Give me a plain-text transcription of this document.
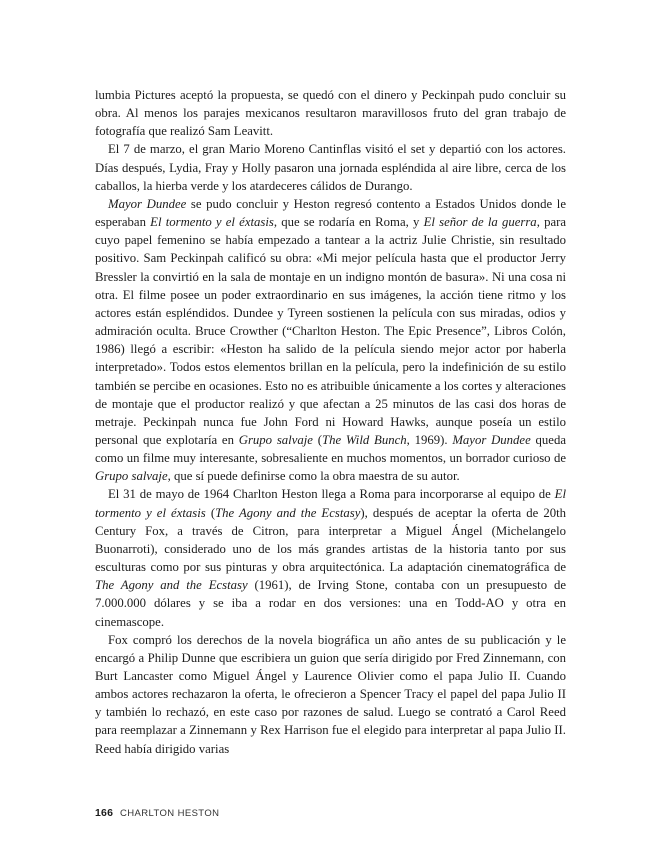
lumbia Pictures aceptó la propuesta, se quedó con el dinero y Peckinpah pudo concluir su obra. Al menos los parajes mexicanos resultaron maravillosos fruto del gran trabajo de fotografía que realizó Sam Leavitt.

El 7 de marzo, el gran Mario Moreno Cantinflas visitó el set y departió con los actores. Días después, Lydia, Fray y Holly pasaron una jornada espléndida al aire libre, cerca de los caballos, la hierba verde y los atardeceres cálidos de Durango.

Mayor Dundee se pudo concluir y Heston regresó contento a Estados Unidos donde le esperaban El tormento y el éxtasis, que se rodaría en Roma, y El señor de la guerra, para cuyo papel femenino se había empezado a tantear a la actriz Julie Christie, sin resultado positivo. Sam Peckinpah calificó su obra: «Mi mejor película hasta que el productor Jerry Bressler la convirtió en la sala de montaje en un indigno montón de basura». Ni una cosa ni otra. El filme posee un poder extraordinario en sus imágenes, la acción tiene ritmo y los actores están espléndidos. Dundee y Tyreen sostienen la película con sus miradas, odios y admiración oculta. Bruce Crowther (“Charlton Heston. The Epic Presence”, Libros Colón, 1986) llegó a escribir: «Heston ha salido de la película siendo mejor actor por haberla interpretado». Todos estos elementos brillan en la película, pero la indefinición de su estilo también se percibe en ocasiones. Esto no es atribuible únicamente a los cortes y alteraciones de montaje que el productor realizó y que afectan a 25 minutos de las casi dos horas de metraje. Peckinpah nunca fue John Ford ni Howard Hawks, aunque poseía un estilo personal que explotaría en Grupo salvaje (The Wild Bunch, 1969). Mayor Dundee queda como un filme muy interesante, sobresaliente en muchos momentos, un borrador curioso de Grupo salvaje, que sí puede definirse como la obra maestra de su autor.

El 31 de mayo de 1964 Charlton Heston llega a Roma para incorporarse al equipo de El tormento y el éxtasis (The Agony and the Ecstasy), después de aceptar la oferta de 20th Century Fox, a través de Citron, para interpretar a Miguel Ángel (Michelangelo Buonarroti), considerado uno de los más grandes artistas de la historia tanto por sus esculturas como por sus pinturas y obra arquitectónica. La adaptación cinematográfica de The Agony and the Ecstasy (1961), de Irving Stone, contaba con un presupuesto de 7.000.000 dólares y se iba a rodar en dos versiones: una en Todd-AO y otra en cinemascope.

Fox compró los derechos de la novela biográfica un año antes de su publicación y le encargó a Philip Dunne que escribiera un guion que sería dirigido por Fred Zinnemann, con Burt Lancaster como Miguel Ángel y Laurence Olivier como el papa Julio II. Cuando ambos actores rechazaron la oferta, le ofrecieron a Spencer Tracy el papel del papa Julio II y también lo rechazó, en este caso por razones de salud. Luego se contrató a Carol Reed para reemplazar a Zinnemann y Rex Harrison fue el elegido para interpretar al papa Julio II. Reed había dirigido varias

166 CHARLTON HESTON
